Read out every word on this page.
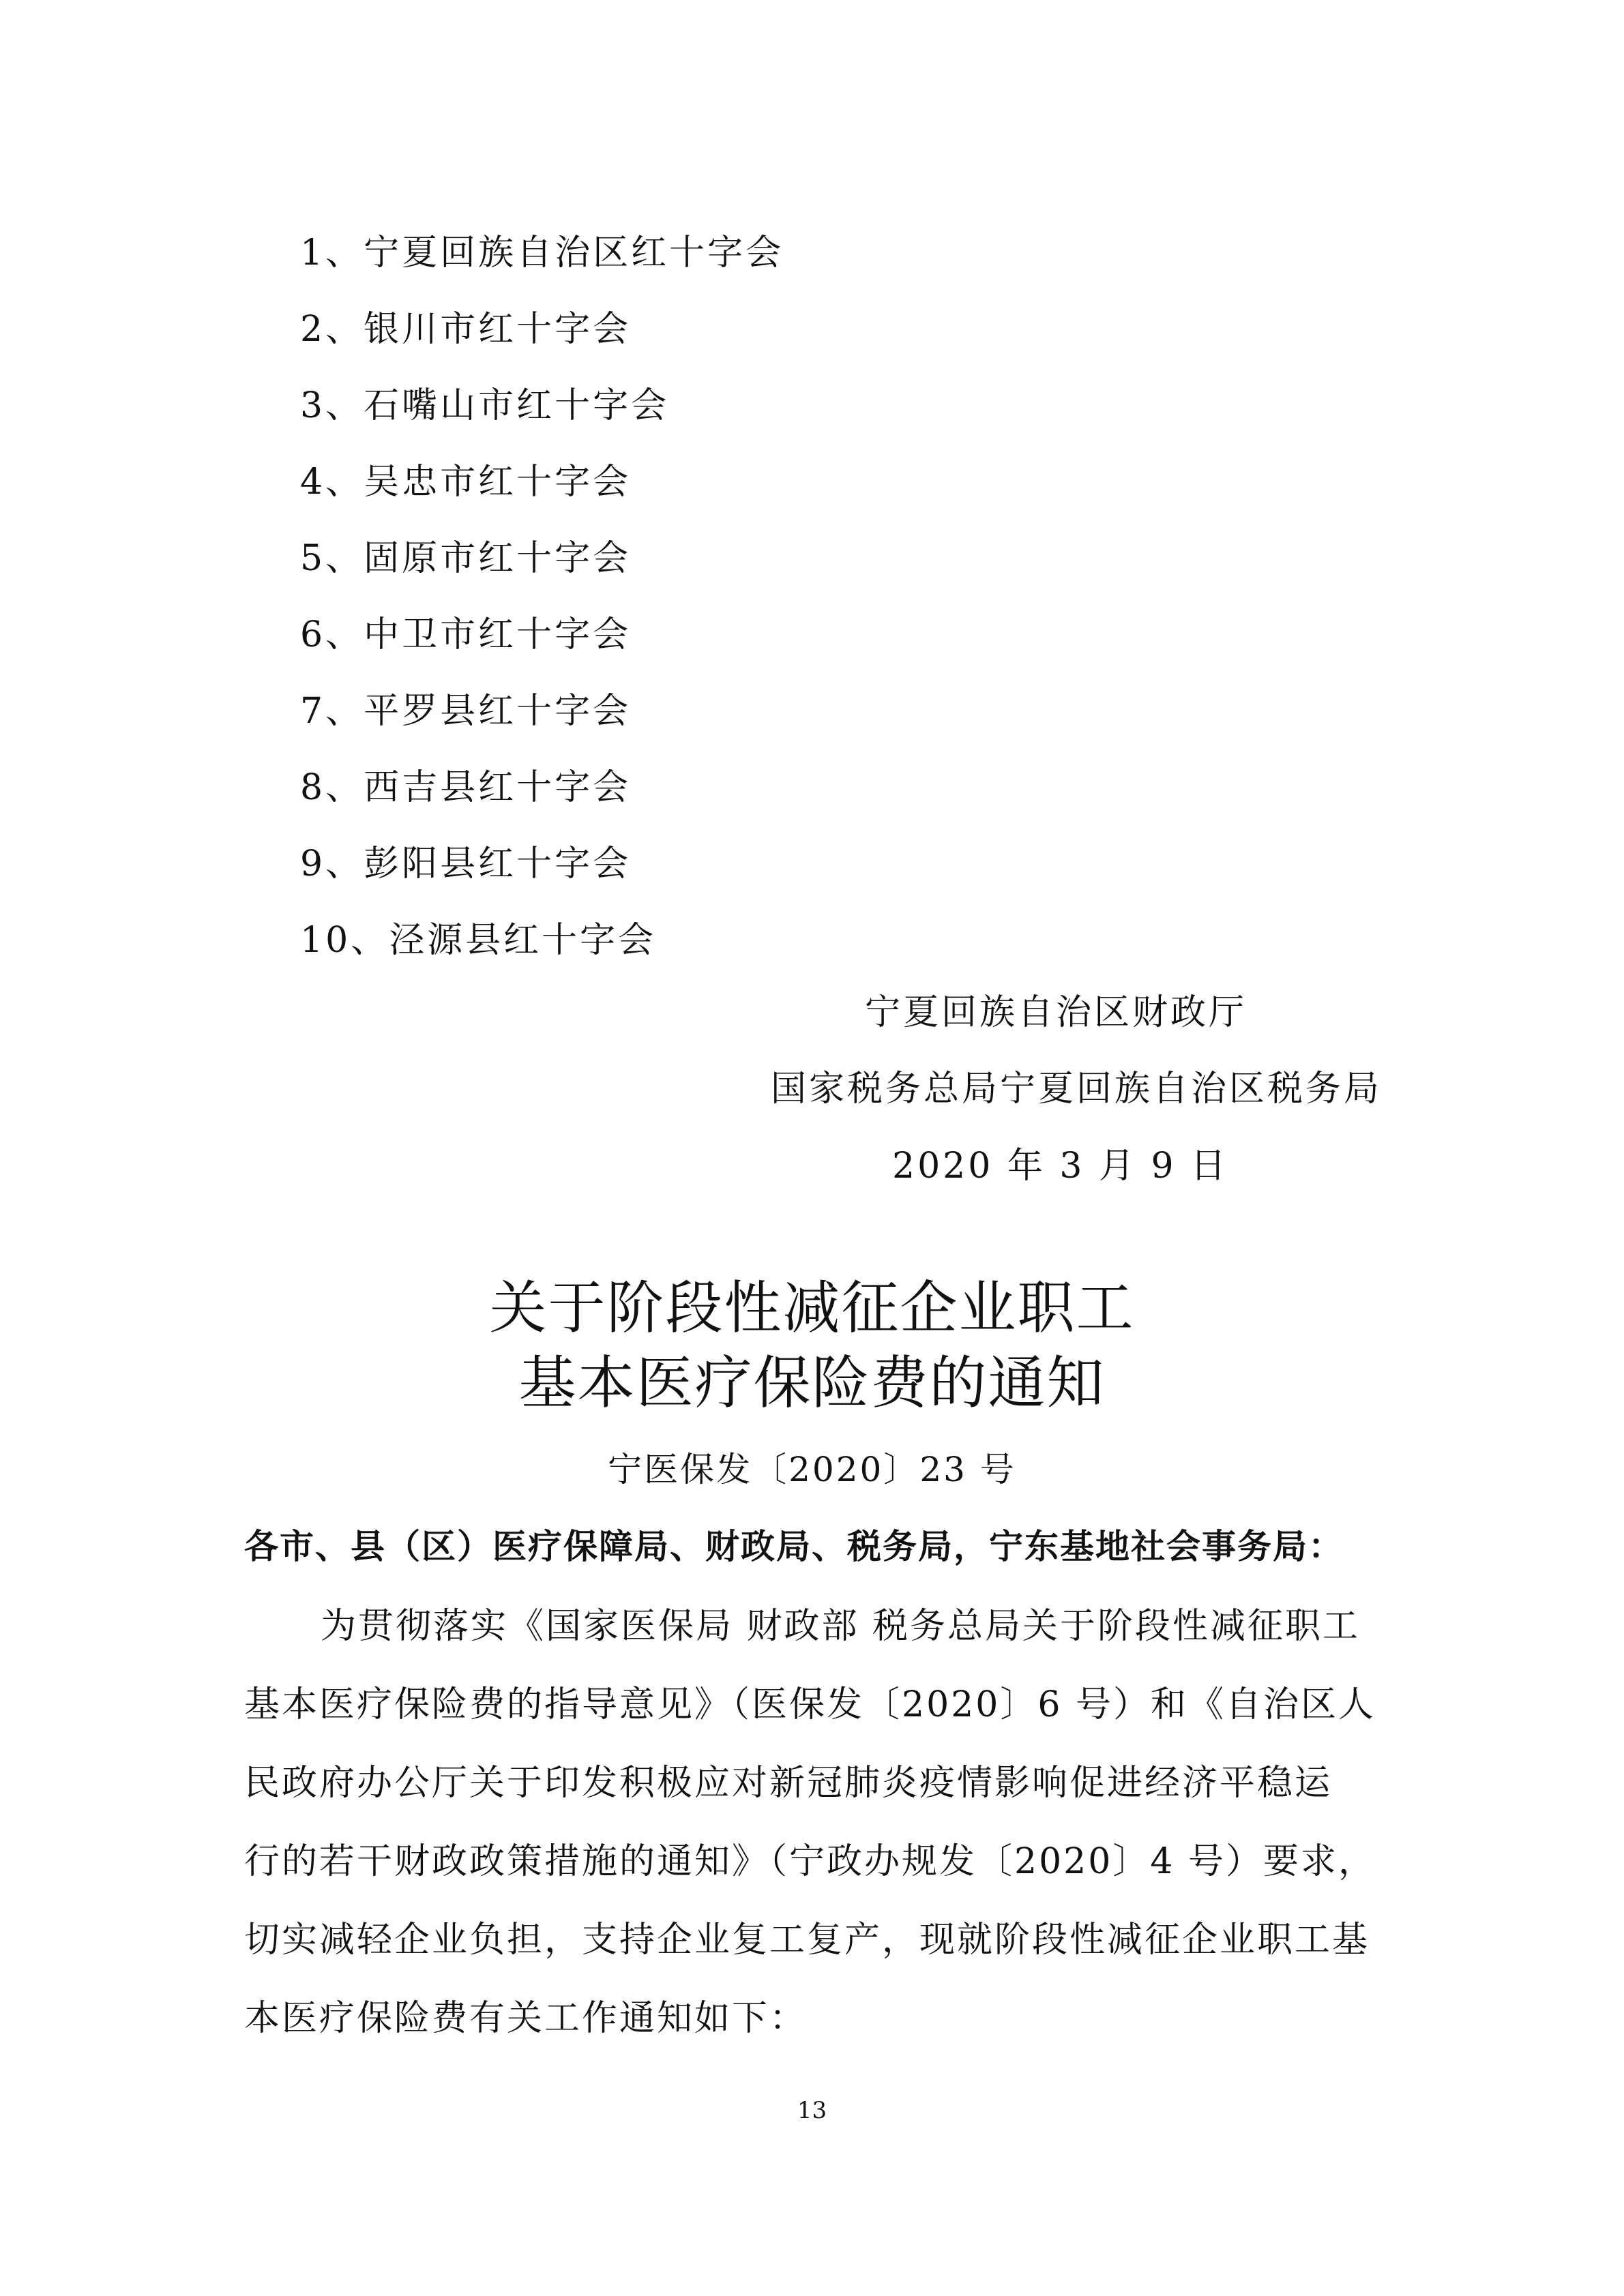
1、宁夏回族自治区红十字会
2、银川市红十字会
3、石嘴山市红十字会
4、吴忠市红十字会
5、固原市红十字会
6、中卫市红十字会
7、平罗县红十字会
8、西吉县红十字会
9、彭阳县红十字会
10、泾源县红十字会
宁夏回族自治区财政厅
国家税务总局宁夏回族自治区税务局
2020 年 3 月 9 日
关于阶段性减征企业职工
基本医疗保险费的通知
宁医保发〔2020〕23 号
各市、县（区）医疗保障局、财政局、税务局，宁东基地社会事务局：
为贯彻落实《国家医保局 财政部 税务总局关于阶段性减征职工
基本医疗保险费的指导意见》（医保发〔2020〕6 号）和《自治区人
民政府办公厅关于印发积极应对新冠肺炎疫情影响促进经济平稳运
行的若干财政政策措施的通知》（宁政办规发〔2020〕4 号）要求，
切实减轻企业负担，支持企业复工复产，现就阶段性减征企业职工基
本医疗保险费有关工作通知如下：
13
